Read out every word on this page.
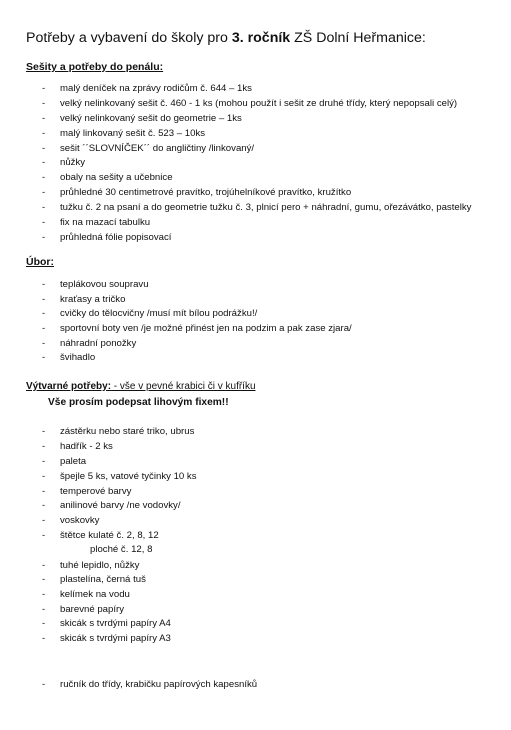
Potřeby a vybavení do školy pro 3. ročník ZŠ Dolní Heřmanice:
Sešity a potřeby do penálu:
- malý deníček na zprávy rodičům č. 644 – 1ks
- velký nelinkovaný sešit č. 460 - 1 ks (mohou použít i sešit ze druhé třídy, který nepopsali celý)
- velký nelinkovaný sešit do geometrie – 1ks
- malý linkovaný sešit č. 523 – 10ks
- sešit ´´SLOVNÍČEK´´ do angličtiny /linkovaný/
- nůžky
- obaly na sešity a učebnice
- průhledné 30 centimetrové pravítko, trojúhelníkové pravítko, kružítko
- tužku č. 2 na psaní a do geometrie tužku č. 3, plnicí pero + náhradní, gumu, ořezávátko, pastelky
- fix na mazací tabulku
- průhledná fólie popisovací
Úbor:
- teplákovou soupravu
- kraťasy a tričko
- cvičky do tělocvičny /musí mít bílou podrážku!/
- sportovní boty ven /je možné přinést jen na podzim a pak zase zjara/
- náhradní ponožky
- švihadlo
Výtvarné potřeby: - vše v pevné krabici či v kufříku
Vše prosím podepsat lihovým fixem!!
- zástěrku nebo staré triko, ubrus
- hadřík - 2 ks
- paleta
- špejle 5 ks, vatové tyčinky 10 ks
- temperové barvy
- anilinové barvy /ne vodovky/
- voskovky
- štětce kulaté č. 2, 8, 12
ploché č. 12, 8
- tuhé lepidlo, nůžky
- plastelína, černá tuš
- kelímek na vodu
- barevné papíry
- skicák s tvrdými papíry A4
- skicák s tvrdými papíry A3
- ručník do třídy, krabičku papírových kapesníků
